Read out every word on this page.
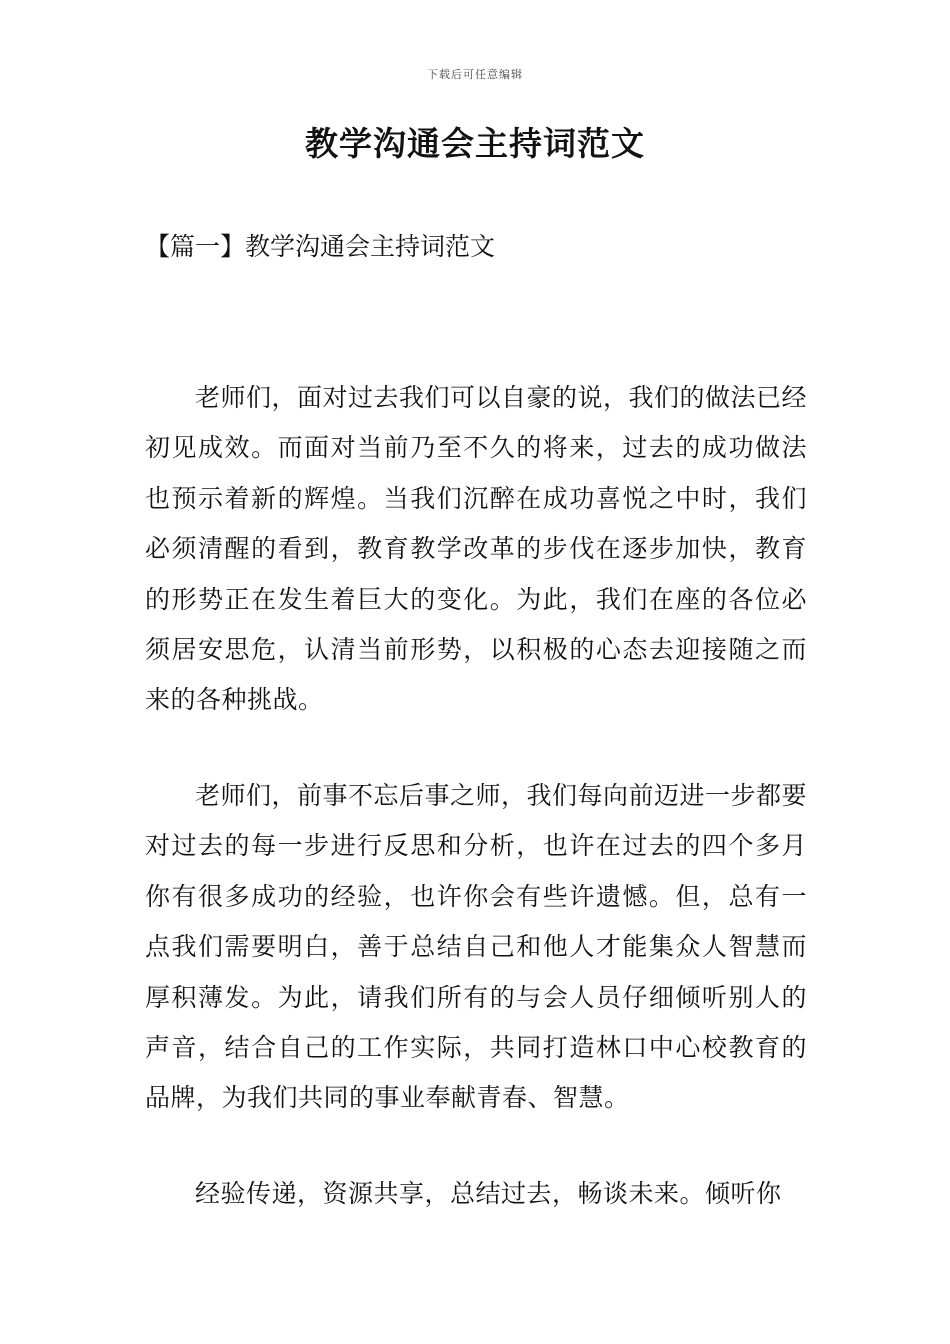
下载后可任意编辑
教学沟通会主持词范文

【篇一】教学沟通会主持词范文

老师们，面对过去我们可以自豪的说，我们的做法已经初见成效。而面对当前乃至不久的将来，过去的成功做法也预示着新的辉煌。当我们沉醉在成功喜悦之中时，我们必须清醒的看到，教育教学改革的步伐在逐步加快，教育的形势正在发生着巨大的变化。为此，我们在座的各位必须居安思危，认清当前形势，以积极的心态去迎接随之而来的各种挑战。

老师们，前事不忘后事之师，我们每向前迈进一步都要对过去的每一步进行反思和分析，也许在过去的四个多月你有很多成功的经验，也许你会有些许遗憾。但，总有一点我们需要明白，善于总结自己和他人才能集众人智慧而厚积薄发。为此，请我们所有的与会人员仔细倾听别人的声音，结合自己的工作实际，共同打造林口中心校教育的品牌，为我们共同的事业奉献青春、智慧。

经验传递，资源共享，总结过去，畅谈未来。倾听你
